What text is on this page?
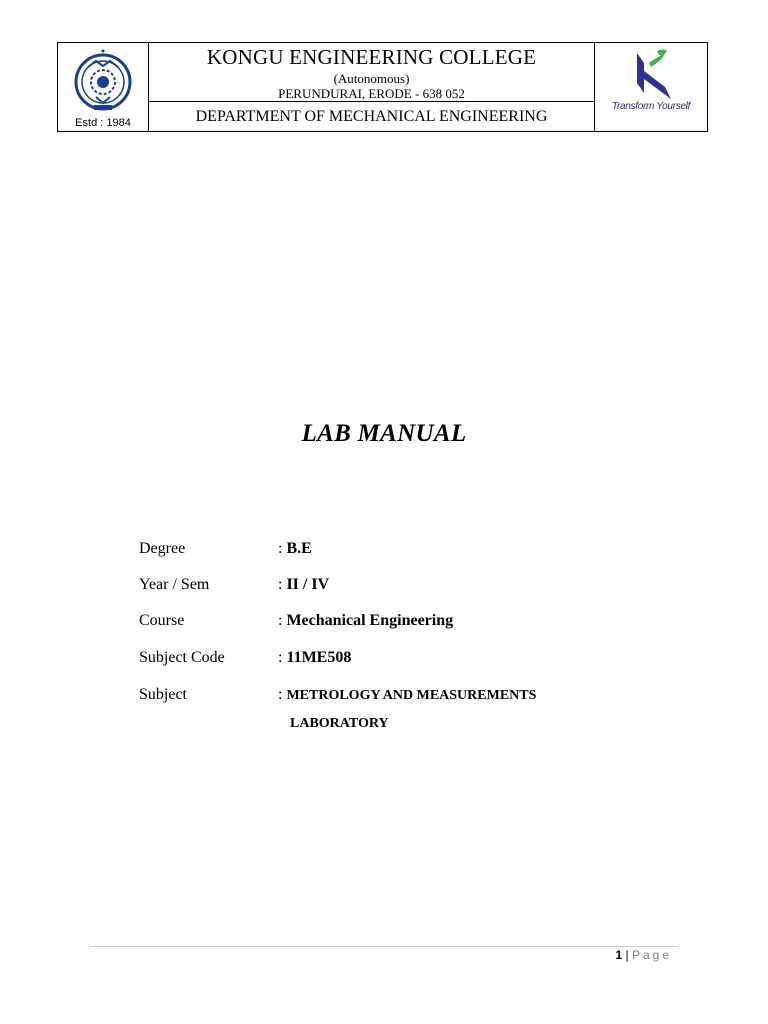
Estd : 1984
KONGU ENGINEERING COLLEGE
(Autonomous)
PERUNDURAI, ERODE - 638 052
DEPARTMENT OF MECHANICAL ENGINEERING
Transform Yourself
LAB MANUAL
Degree	: B.E
Year / Sem	: II / IV
Course	: Mechanical Engineering
Subject Code	: 11ME508
Subject	: METROLOGY AND MEASUREMENTS
LABORATORY
1 | Page
